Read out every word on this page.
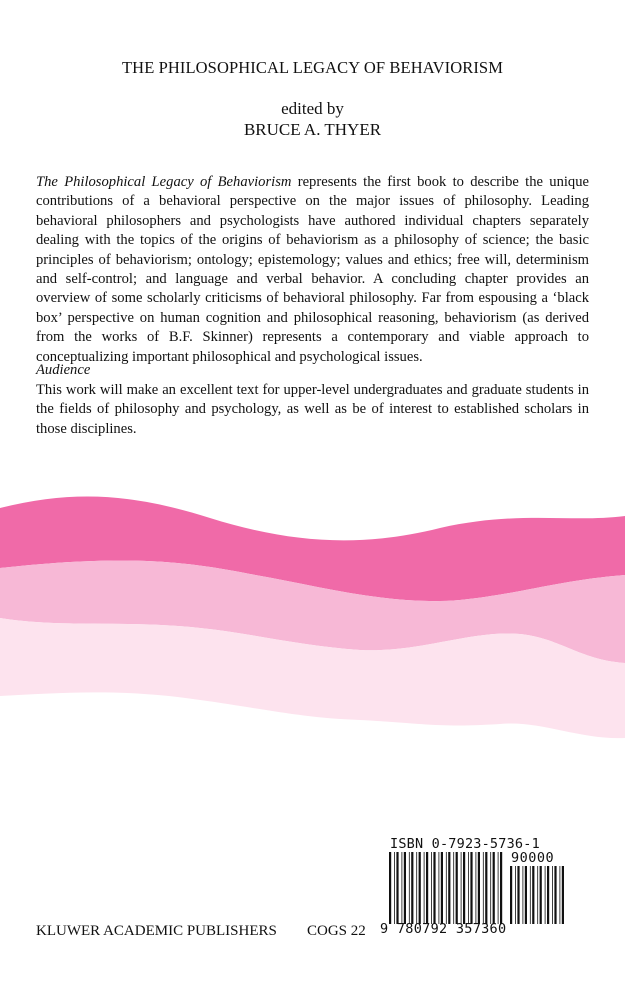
THE PHILOSOPHICAL LEGACY OF BEHAVIORISM
edited by
BRUCE A. THYER

The Philosophical Legacy of Behaviorism represents the first book to describe the unique contributions of a behavioral perspective on the major issues of philosophy. Leading behavioral philosophers and psychologists have authored individual chapters separately dealing with the topics of the origins of behaviorism as a philosophy of science; the basic principles of behaviorism; ontology; epistemology; values and ethics; free will, determinism and self-control; and language and verbal behavior. A concluding chapter provides an overview of some scholarly criticisms of behavioral philosophy. Far from espousing a ‘black box’ perspective on human cognition and philosophical reasoning, behaviorism (as derived from the works of B.F. Skinner) represents a contemporary and viable approach to conceptualizing important philosophical and psychological issues.

Audience

This work will make an excellent text for upper-level undergraduates and graduate students in the fields of philosophy and psychology, as well as be of interest to established scholars in those disciplines.

ISBN 0-7923-5736-1
90000
9 780792 357360
KLUWER ACADEMIC PUBLISHERS COGS 22
